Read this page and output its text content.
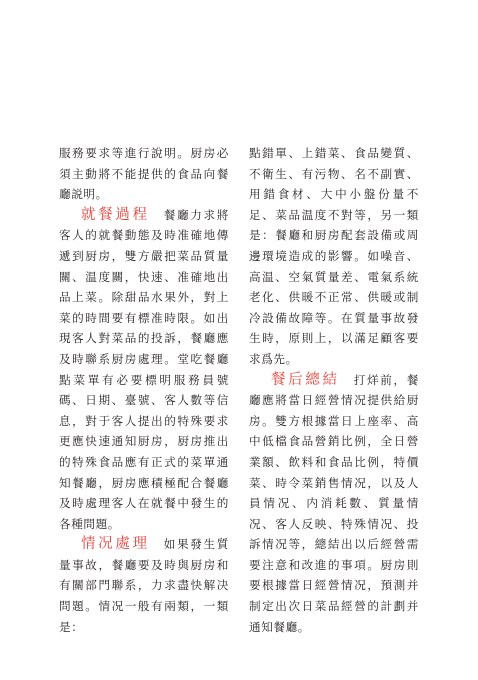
服務要求等進行說明。厨房必須主動將不能提供的食品向餐廳説明。

就餐過程 餐廳力求將客人的就餐動態及時准確地傳遞到厨房，雙方嚴把菜品質量關、温度關，快速、准確地出品上菜。除甜品水果外，對上菜的時間要有標准時限。如出現客人對菜品的投訴，餐廳應及時聯系厨房處理。堂吃餐廳點菜單有必要標明服務員號碼、日期、臺號、客人數等信息，對于客人提出的特殊要求更應快速通知厨房，厨房推出的特殊食品應有正式的菜單通知餐廳，厨房應積極配合餐廳及時處理客人在就餐中發生的各種問題。

情况處理 如果發生質量事故，餐廳要及時與厨房和有關部門聯系，力求盡快解决問題。情况一般有兩類，一類是：

點錯單、上錯菜、食品變質、不衛生、有污物、名不副實、用錯食材、大中小盤份量不足、菜品温度不對等，另一類是：餐廳和厨房配套設備或周邊環境造成的影響。如噪音、高温、空氣質量差、電氣系統老化、供暖不正常、供暖或制冷設備故障等。在質量事故發生時，原則上，以滿足顧客要求爲先。

餐后總結 打烊前，餐廳應將當日經營情况提供給厨房。雙方根據當日上座率、高中低檔食品營銷比例，全日營業額、飲料和食品比例，特價菜、時令菜銷售情况，以及人員情况、内消耗數、質量情况、客人反映、特殊情况、投訴情况等，總結出以后經營需要注意和改進的事項。厨房則要根據當日經營情况，預測并制定出次日菜品經營的計劃并通知餐廳。
